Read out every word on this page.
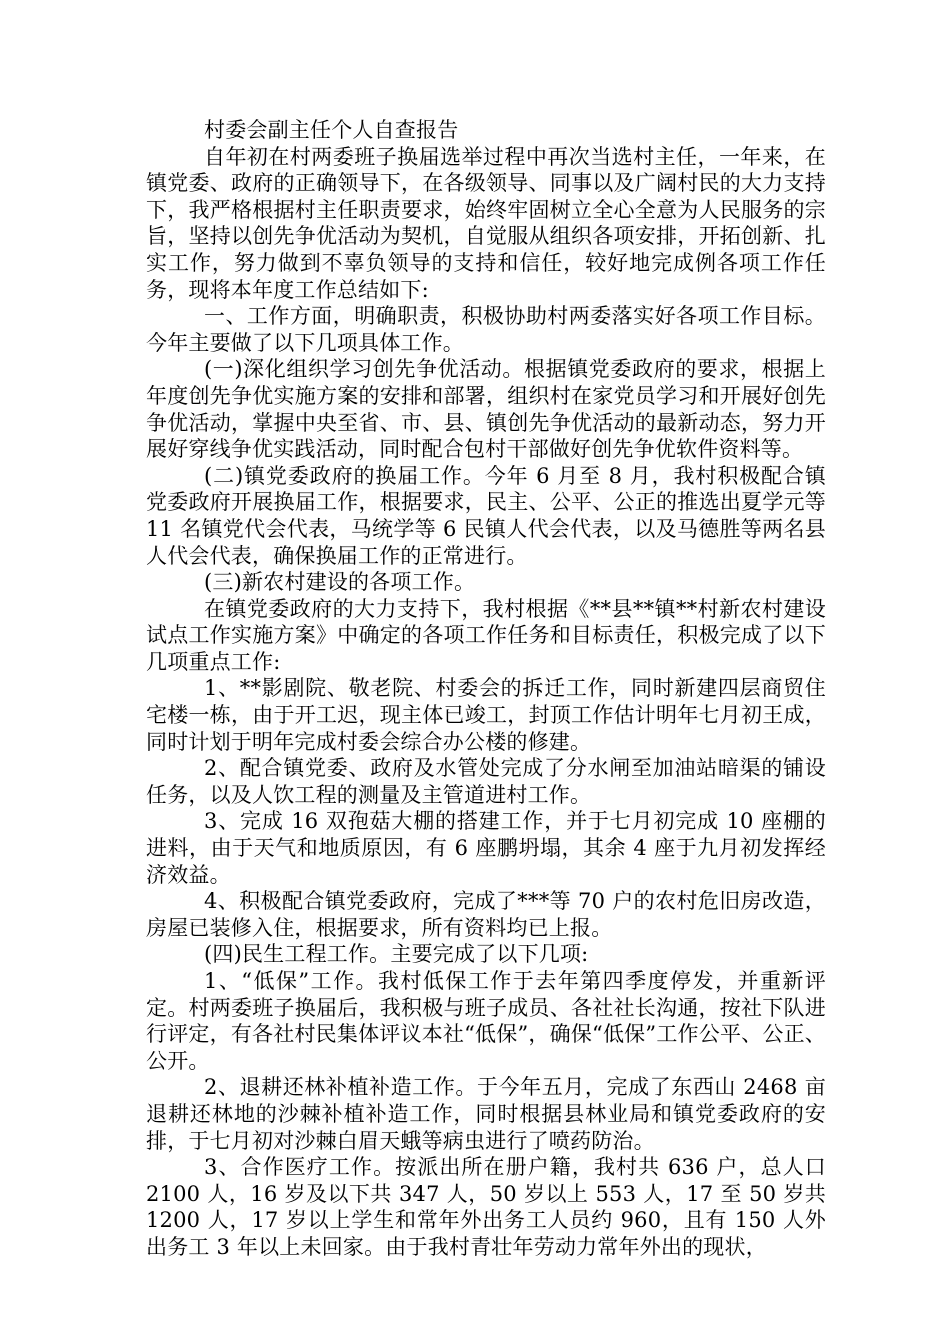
村委会副主任个人自查报告

自年初在村两委班子换届选举过程中再次当选村主任，一年来，在镇党委、政府的正确领导下，在各级领导、同事以及广阔村民的大力支持下，我严格根据村主任职责要求，始终牢固树立全心全意为人民服务的宗旨，坚持以创先争优活动为契机，自觉服从组织各项安排，开拓创新、扎实工作，努力做到不辜负领导的支持和信任，较好地完成例各项工作任务，现将本年度工作总结如下:

一、工作方面，明确职责，积极协助村两委落实好各项工作目标。今年主要做了以下几项具体工作。

(一)深化组织学习创先争优活动。根据镇党委政府的要求，根据上年度创先争优实施方案的安排和部署，组织村在家党员学习和开展好创先争优活动，掌握中央至省、市、县、镇创先争优活动的最新动态，努力开展好穿线争优实践活动，同时配合包村干部做好创先争优软件资料等。

(二)镇党委政府的换届工作。今年 6 月至 8 月，我村积极配合镇党委政府开展换届工作，根据要求，民主、公平、公正的推选出夏学元等 11 名镇党代会代表，马统学等 6 民镇人代会代表，以及马德胜等两名县人代会代表，确保换届工作的正常进行。

(三)新农村建设的各项工作。

在镇党委政府的大力支持下，我村根据《**县**镇**村新农村建设试点工作实施方案》中确定的各项工作任务和目标责任，积极完成了以下几项重点工作:

1、**影剧院、敬老院、村委会的拆迁工作，同时新建四层商贸住宅楼一栋，由于开工迟，现主体已竣工，封顶工作估计明年七月初王成，同时计划于明年完成村委会综合办公楼的修建。

2、配合镇党委、政府及水管处完成了分水闸至加油站暗渠的铺设任务，以及人饮工程的测量及主管道进村工作。

3、完成 16 双孢菇大棚的搭建工作，并于七月初完成 10 座棚的进料，由于天气和地质原因，有 6 座鹏坍塌，其余 4 座于九月初发挥经济效益。

4、积极配合镇党委政府，完成了***等 70 户的农村危旧房改造，房屋已装修入住，根据要求，所有资料均已上报。

(四)民生工程工作。主要完成了以下几项:

1、“低保”工作。我村低保工作于去年第四季度停发，并重新评定。村两委班子换届后，我积极与班子成员、各社社长沟通，按社下队进行评定，有各社村民集体评议本社“低保”，确保“低保”工作公平、公正、公开。

2、退耕还林补植补造工作。于今年五月，完成了东西山 2468 亩退耕还林地的沙棘补植补造工作，同时根据县林业局和镇党委政府的安排，于七月初对沙棘白眉天蛾等病虫进行了喷药防治。

3、合作医疗工作。按派出所在册户籍，我村共 636 户，总人口 2100 人，16 岁及以下共 347 人，50 岁以上 553 人，17 至 50 岁共 1200 人，17 岁以上学生和常年外出务工人员约 960，且有 150 人外出务工 3 年以上未回家。由于我村青壮年劳动力常年外出的现状，
